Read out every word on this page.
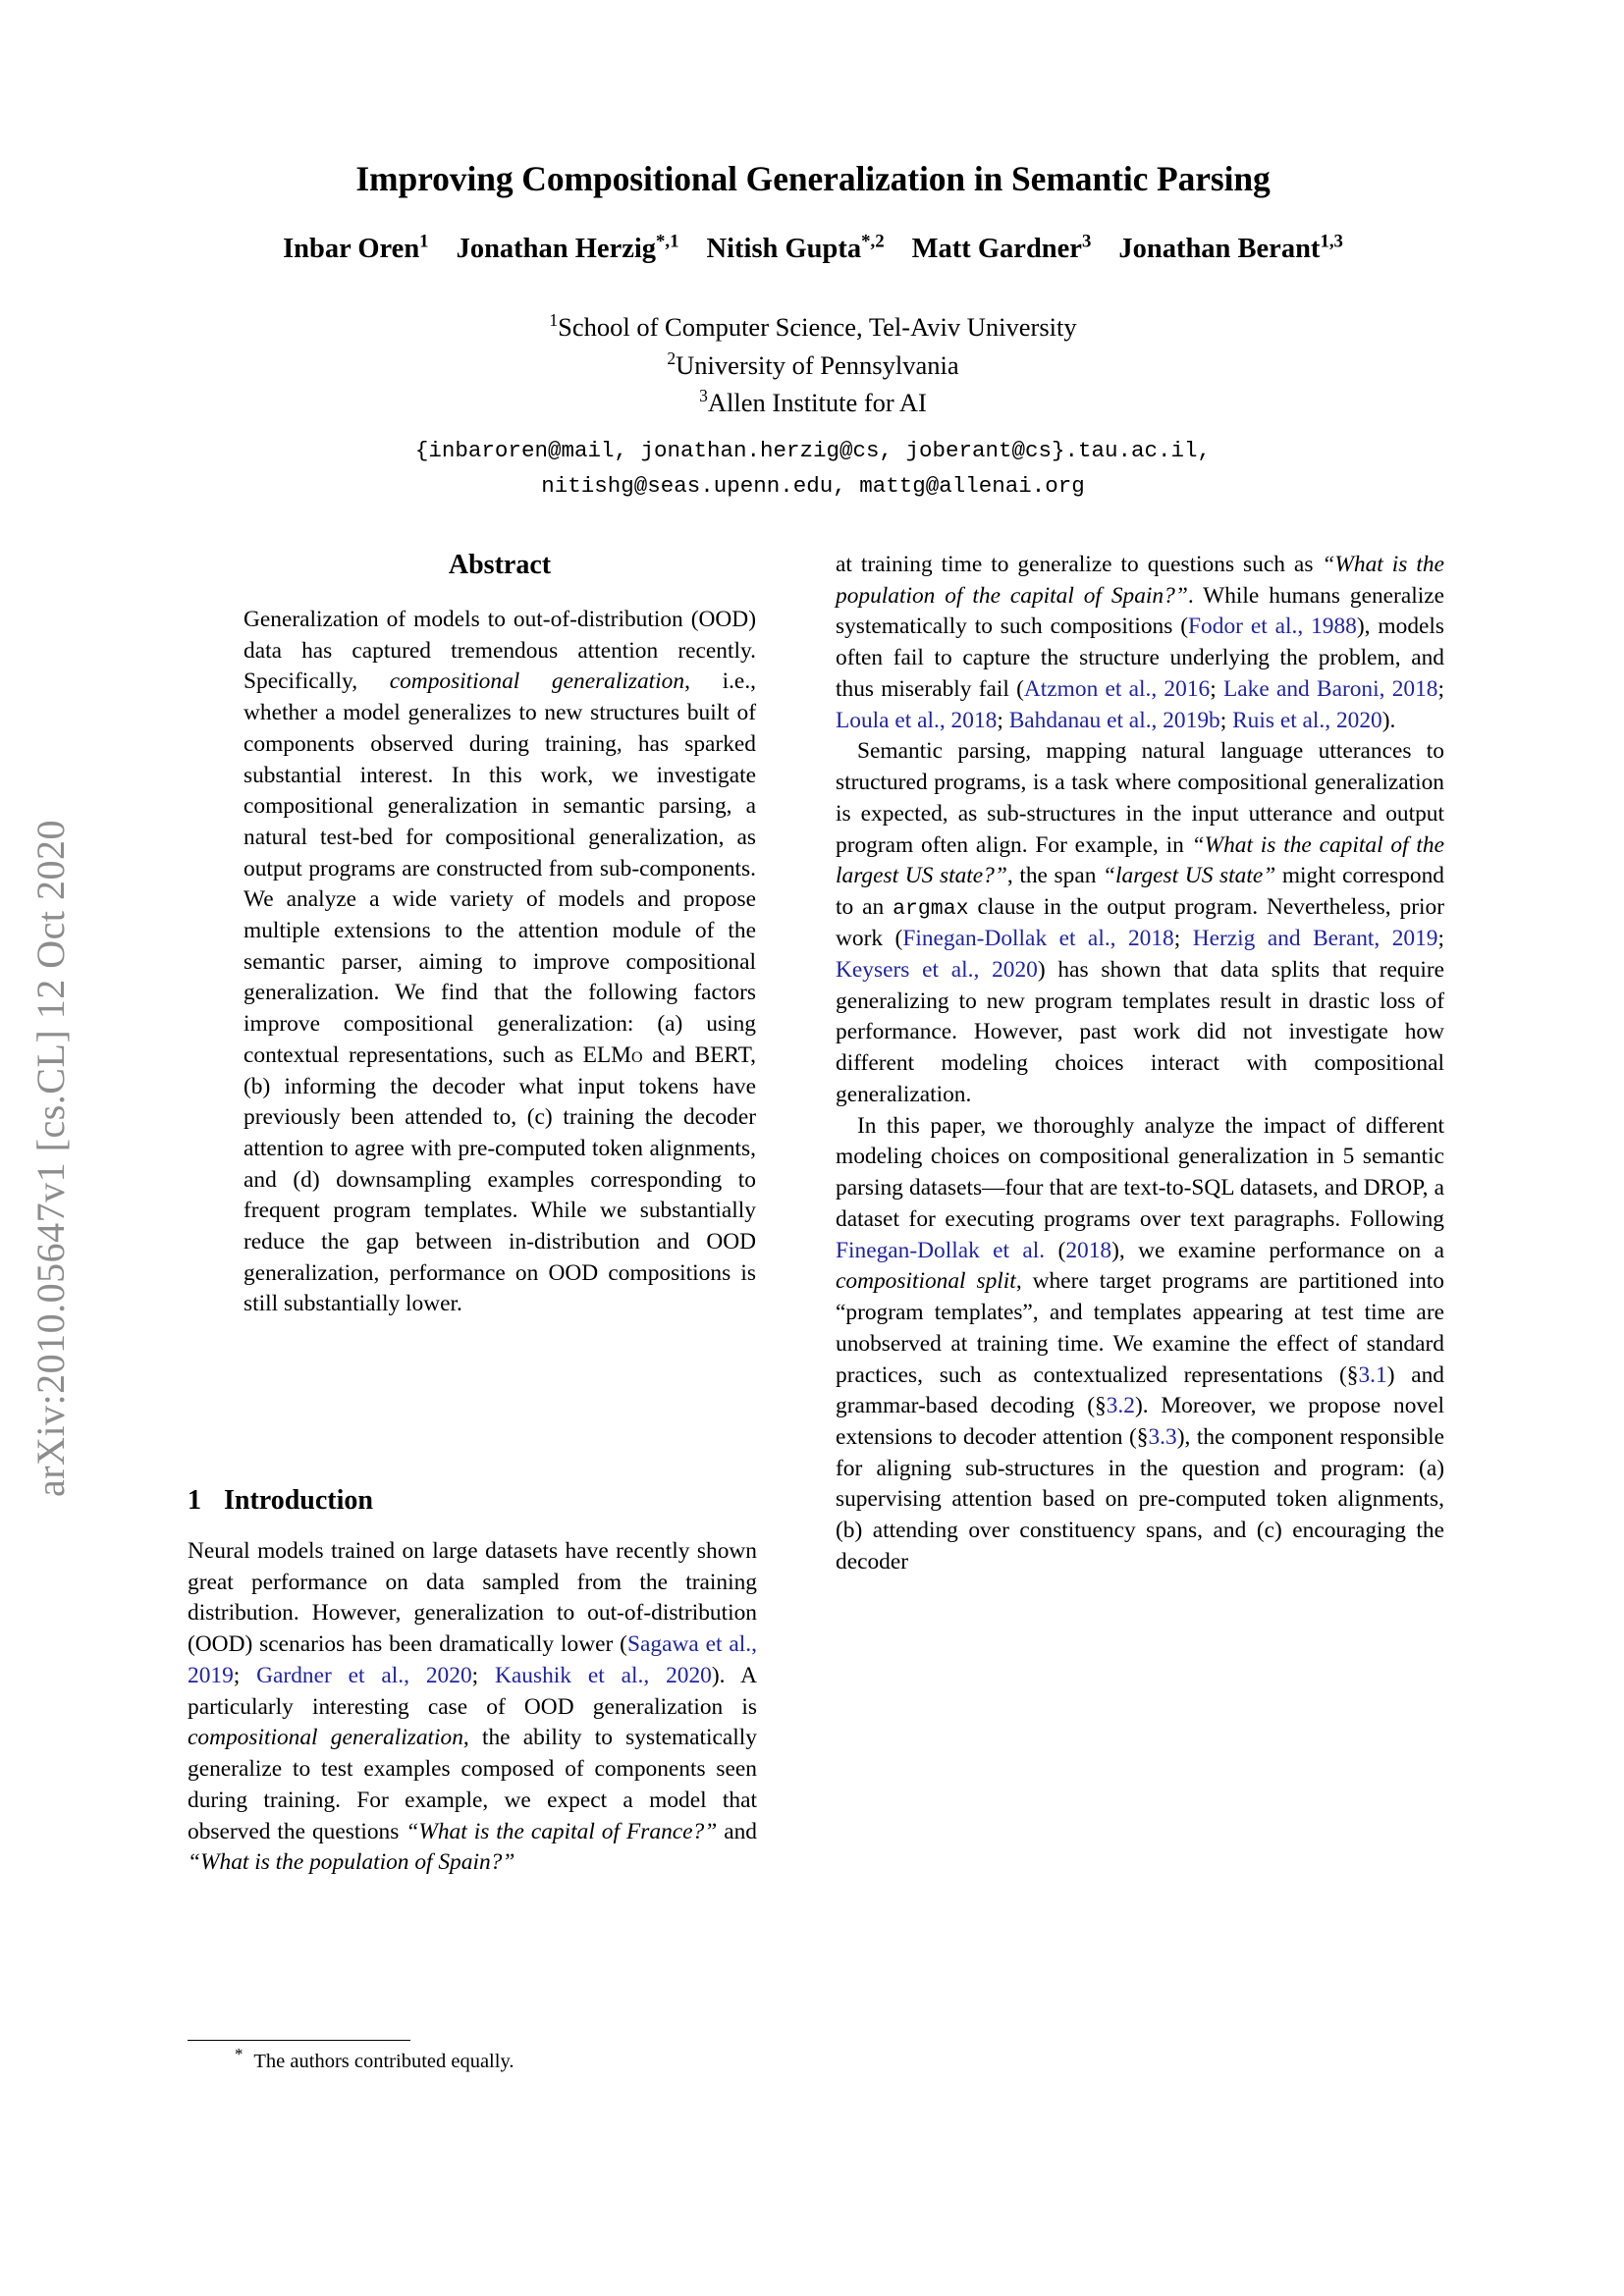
arXiv:2010.05647v1 [cs.CL] 12 Oct 2020
Improving Compositional Generalization in Semantic Parsing
Inbar Oren$^1$ Jonathan Herzig$^{*,1}$ Nitish Gupta$^{*,2}$ Matt Gardner$^3$ Jonathan Berant$^{1,3}$
$^1$School of Computer Science, Tel-Aviv University
$^2$University of Pennsylvania
$^3$Allen Institute for AI
{inbaroren@mail, jonathan.herzig@cs, joberant@cs}.tau.ac.il,
nitishg@seas.upenn.edu, mattg@allenai.org
Abstract
Generalization of models to out-of-distribution (OOD) data has captured tremendous attention recently. Specifically, compositional generalization, i.e., whether a model generalizes to new structures built of components observed during training, has sparked substantial interest. In this work, we investigate compositional generalization in semantic parsing, a natural test-bed for compositional generalization, as output programs are constructed from sub-components. We analyze a wide variety of models and propose multiple extensions to the attention module of the semantic parser, aiming to improve compositional generalization. We find that the following factors improve compositional generalization: (a) using contextual representations, such as ELMo and BERT, (b) informing the decoder what input tokens have previously been attended to, (c) training the decoder attention to agree with pre-computed token alignments, and (d) downsampling examples corresponding to frequent program templates. While we substantially reduce the gap between in-distribution and OOD generalization, performance on OOD compositions is still substantially lower.
1 Introduction

Neural models trained on large datasets have recently shown great performance on data sampled from the training distribution. However, generalization to out-of-distribution (OOD) scenarios has been dramatically lower (Sagawa et al., 2019; Gardner et al., 2020; Kaushik et al., 2020). A particularly interesting case of OOD generalization is compositional generalization, the ability to systematically generalize to test examples composed of components seen during training. For example, we expect a model that observed the questions “What is the capital of France?” and “What is the population of Spain?”

at training time to generalize to questions such as “What is the population of the capital of Spain?”. While humans generalize systematically to such compositions (Fodor et al., 1988), models often fail to capture the structure underlying the problem, and thus miserably fail (Atzmon et al., 2016; Lake and Baroni, 2018; Loula et al., 2018; Bahdanau et al., 2019b; Ruis et al., 2020).

Semantic parsing, mapping natural language utterances to structured programs, is a task where compositional generalization is expected, as sub-structures in the input utterance and output program often align. For example, in “What is the capital of the largest US state?”, the span “largest US state” might correspond to an argmax clause in the output program. Nevertheless, prior work (Finegan-Dollak et al., 2018; Herzig and Berant, 2019; Keysers et al., 2020) has shown that data splits that require generalizing to new program templates result in drastic loss of performance. However, past work did not investigate how different modeling choices interact with compositional generalization.

In this paper, we thoroughly analyze the impact of different modeling choices on compositional generalization in 5 semantic parsing datasets—four that are text-to-SQL datasets, and DROP, a dataset for executing programs over text paragraphs. Following Finegan-Dollak et al. (2018), we examine performance on a compositional split, where target programs are partitioned into “program templates”, and templates appearing at test time are unobserved at training time. We examine the effect of standard practices, such as contextualized representations (§3.1) and grammar-based decoding (§3.2). Moreover, we propose novel extensions to decoder attention (§3.3), the component responsible for aligning sub-structures in the question and program: (a) supervising attention based on pre-computed token alignments, (b) attending over constituency spans, and (c) encouraging the decoder

* The authors contributed equally.
